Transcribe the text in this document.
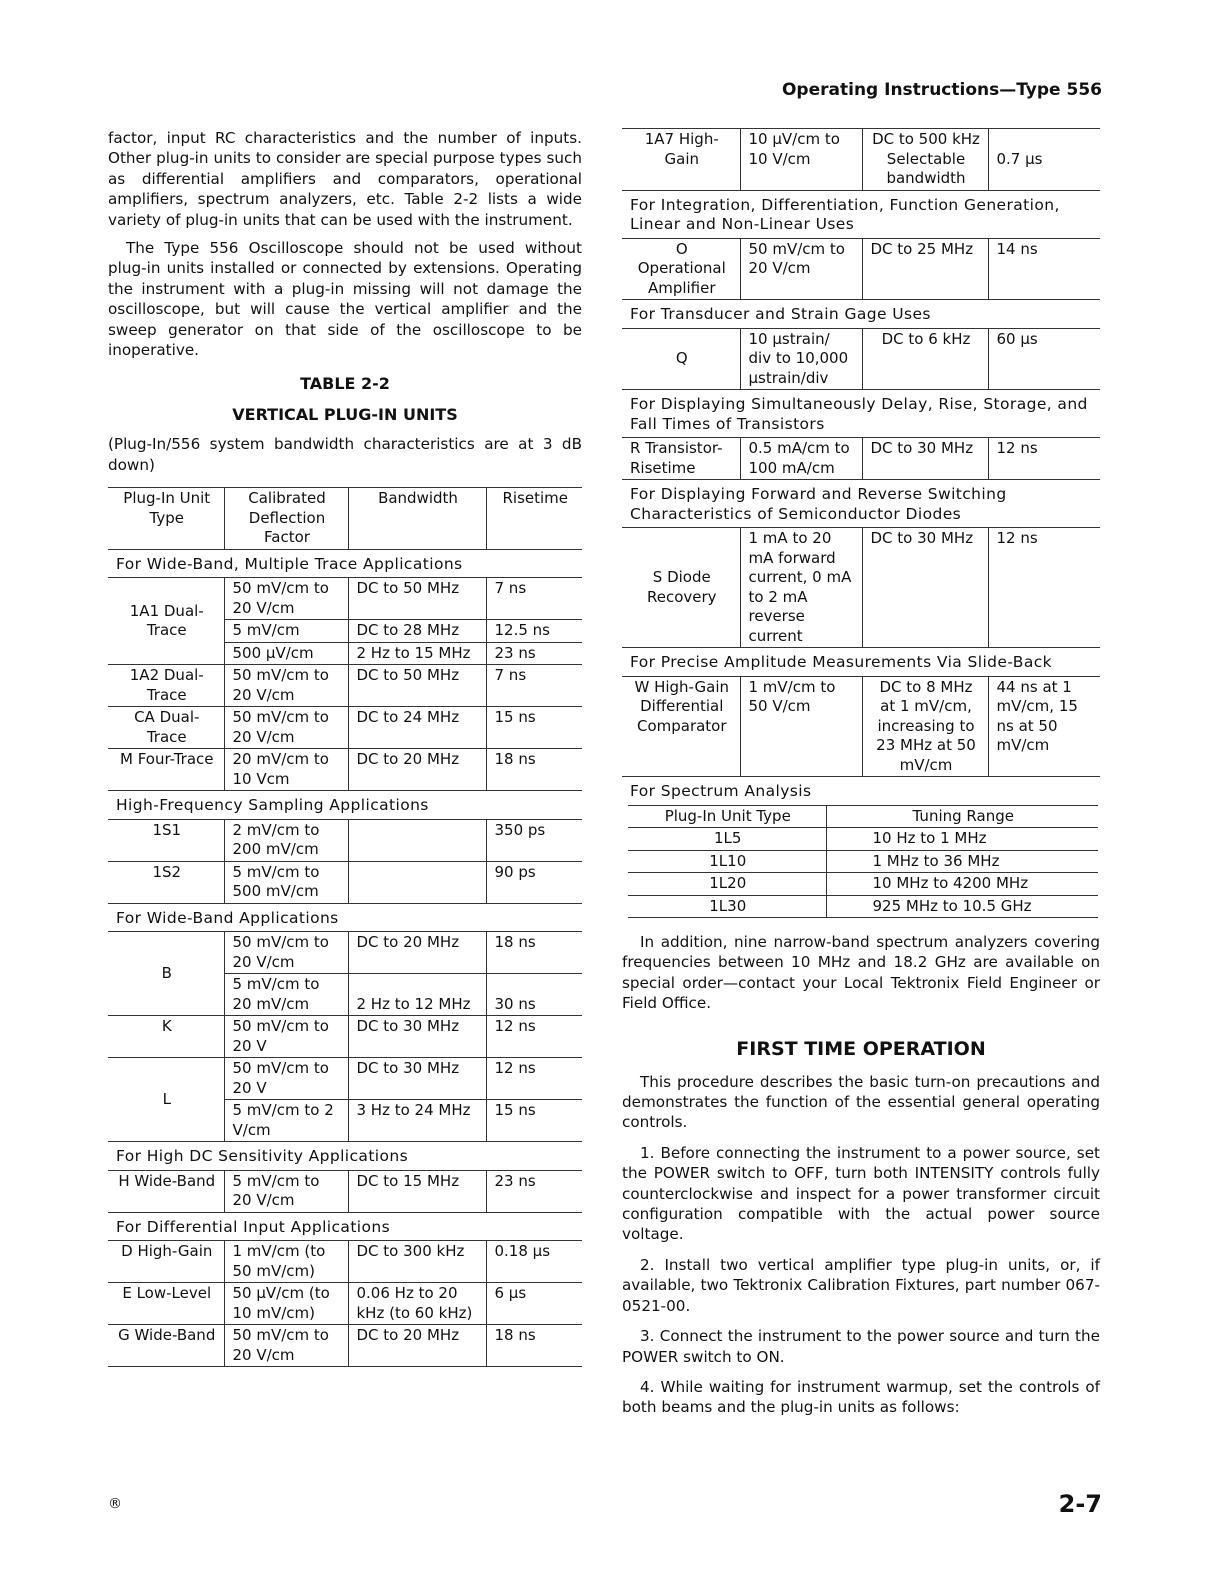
Operating Instructions—Type 556

factor, input RC characteristics and the number of inputs. Other plug-in units to consider are special purpose types such as differential amplifiers and comparators, operational amplifiers, spectrum analyzers, etc. Table 2-2 lists a wide variety of plug-in units that can be used with the instrument.

The Type 556 Oscilloscope should not be used without plug-in units installed or connected by extensions. Operating the instrument with a plug-in missing will not damage the oscilloscope, but will cause the vertical amplifier and the sweep generator on that side of the oscilloscope to be inoperative.

TABLE 2-2

VERTICAL PLUG-IN UNITS

(Plug-In/556 system bandwidth characteristics are at 3 dB down)

Plug-In Unit Type	Calibrated Deflection Factor	Bandwidth	Risetime
For Wide-Band, Multiple Trace Applications			
1A1 Dual-Trace	50 mV/cm to 20 V/cm	DC to 50 MHz	7 ns
	5 mV/cm	DC to 28 MHz	12.5 ns
	500 μV/cm	2 Hz to 15 MHz	23 ns
1A2 Dual-Trace	50 mV/cm to 20 V/cm	DC to 50 MHz	7 ns
CA Dual-Trace	50 mV/cm to 20 V/cm	DC to 24 MHz	15 ns
M Four-Trace	20 mV/cm to 10 Vcm	DC to 20 MHz	18 ns
High-Frequency Sampling Applications			
1S1	2 mV/cm to 200 mV/cm		350 ps
1S2	5 mV/cm to 500 mV/cm		90 ps
For Wide-Band Applications			
B	50 mV/cm to 20 V/cm	DC to 20 MHz	18 ns
	5 mV/cm to 20 mV/cm	2 Hz to 12 MHz	30 ns
K	50 mV/cm to 20 V	DC to 30 MHz	12 ns
L	50 mV/cm to 20 V	DC to 30 MHz	12 ns
	5 mV/cm to 2 V/cm	3 Hz to 24 MHz	15 ns
For High DC Sensitivity Applications			
H Wide-Band	5 mV/cm to 20 V/cm	DC to 15 MHz	23 ns
For Differential Input Applications			
D High-Gain	1 mV/cm (to 50 mV/cm)	DC to 300 kHz	0.18 μs
E Low-Level	50 μV/cm (to 10 mV/cm)	0.06 Hz to 20 kHz (to 60 kHz)	6 μs
G Wide-Band	50 mV/cm to 20 V/cm	DC to 20 MHz	18 ns
1A7 High-Gain	10 μV/cm to 10 V/cm	DC to 500 kHz Selectable bandwidth	0.7 μs
For Integration, Differentiation, Function Generation, Linear and Non-Linear Uses			
O Operational Amplifier	50 mV/cm to 20 V/cm	DC to 25 MHz	14 ns
For Transducer and Strain Gage Uses			
Q	10 μstrain/ div to 10,000 μstrain/div	DC to 6 kHz	60 μs
For Displaying Simultaneously Delay, Rise, Storage, and Fall Times of Transistors			
R Transistor-Risetime	0.5 mA/cm to 100 mA/cm	DC to 30 MHz	12 ns
For Displaying Forward and Reverse Switching Characteristics of Semiconductor Diodes			
S Diode Recovery	1 mA to 20 mA forward current, 0 mA to 2 mA reverse current	DC to 30 MHz	12 ns
For Precise Amplitude Measurements Via Slide-Back			
W High-Gain Differential Comparator	1 mV/cm to 50 V/cm	DC to 8 MHz at 1 mV/cm, increasing to 23 MHz at 50 mV/cm	44 ns at 1 mV/cm, 15 ns at 50 mV/cm
For Spectrum Analysis			
Plug-In Unit Type	Tuning Range
1L5	10 Hz to 1 MHz
1L10	1 MHz to 36 MHz
1L20	10 MHz to 4200 MHz
1L30	925 MHz to 10.5 GHz

In addition, nine narrow-band spectrum analyzers covering frequencies between 10 MHz and 18.2 GHz are available on special order—contact your Local Tektronix Field Engineer or Field Office.

FIRST TIME OPERATION

This procedure describes the basic turn-on precautions and demonstrates the function of the essential general operating controls.

1. Before connecting the instrument to a power source, set the POWER switch to OFF, turn both INTENSITY controls fully counterclockwise and inspect for a power transformer circuit configuration compatible with the actual power source voltage.

2. Install two vertical amplifier type plug-in units, or, if available, two Tektronix Calibration Fixtures, part number 067-0521-00.

3. Connect the instrument to the power source and turn the POWER switch to ON.

4. While waiting for instrument warmup, set the controls of both beams and the plug-in units as follows:

®	2-7
